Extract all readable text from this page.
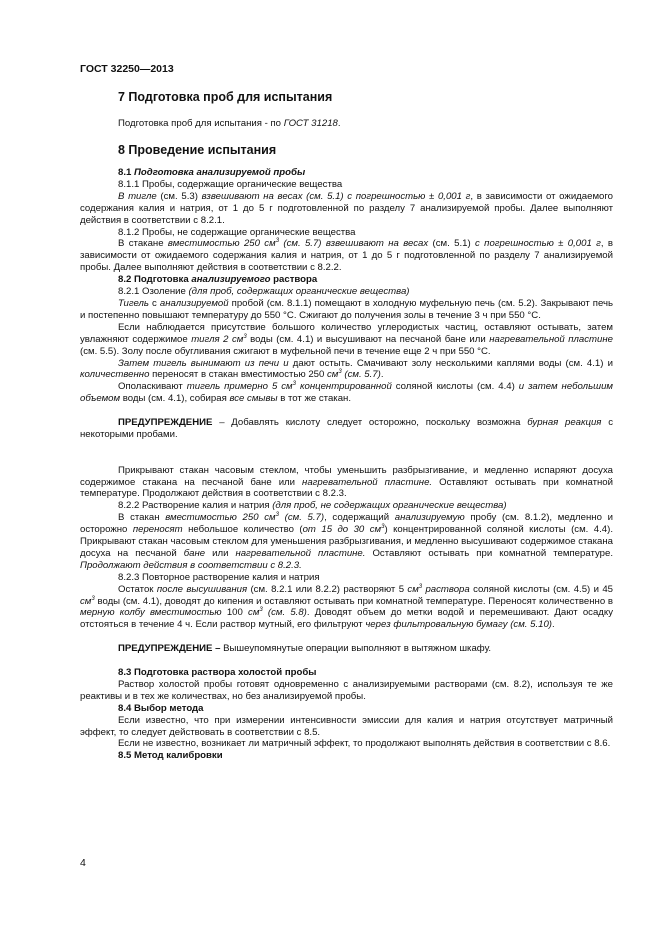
ГОСТ 32250—2013
7 Подготовка проб для испытания
Подготовка проб для испытания - по ГОСТ 31218.
8 Проведение испытания

8.1 Подготовка анализируемой пробы

8.1.1 Пробы, содержащие органические вещества

В тигле (см. 5.3) взвешивают на весах (см. 5.1) с погрешностью ± 0,001 г, в зависимости от ожидаемого содержания калия и натрия, от 1 до 5 г подготовленной по разделу 7 анализируемой пробы. Далее выполняют действия в соответствии с 8.2.1.

8.1.2 Пробы, не содержащие органические вещества

В стакане вместимостью 250 $см^3$ (см. 5.7) взвешивают на весах (см. 5.1) с погрешностью ± 0,001 г, в зависимости от ожидаемого содержания калия и натрия, от 1 до 5 г подготовленной по разделу 7 анализируемой пробы. Далее выполняют действия в соответствии с 8.2.2.

8.2 Подготовка анализируемого раствора

8.2.1 Озоление (для проб, содержащих органические вещества)

Тигель с анализируемой пробой (см. 8.1.1) помещают в холодную муфельную печь (см. 5.2). Закрывают печь и постепенно повышают температуру до 550 °С. Сжигают до получения золы в течение 3 ч при 550 °С.

Если наблюдается присутствие большого количество углеродистых частиц, оставляют остывать, затем увлажняют содержимое тигля 2 $см^3$ воды (см. 4.1) и высушивают на песчаной бане или нагревательной пластине (см. 5.5). Золу после обугливания сжигают в муфельной печи в течение еще 2 ч при 550 °С.

Затем тигель вынимают из печи и дают остыть. Смачивают золу несколькими каплями воды (см. 4.1) и количественно переносят в стакан вместимостью 250 $см^3$ (см. 5.7).

Ополаскивают тигель примерно 5 $см^3$ концентрированной соляной кислоты (см. 4.4) и затем небольшим объемом воды (см. 4.1), собирая все смывы в тот же стакан.

ПРЕДУПРЕЖДЕНИЕ – Добавлять кислоту следует осторожно, поскольку возможна бурная реакция с некоторыми пробами.

Прикрывают стакан часовым стеклом, чтобы уменьшить разбрызгивание, и медленно испаряют досуха содержимое стакана на песчаной бане или нагревательной пластине. Оставляют остывать при комнатной температуре. Продолжают действия в соответствии с 8.2.3.

8.2.2 Растворение калия и натрия (для проб, не содержащих органические вещества)

В стакан вместимостью 250 $см^3$ (см. 5.7), содержащий анализируемую пробу (см. 8.1.2), медленно и осторожно переносят небольшое количество (от 15 до 30 $см^3$) концентрированной соляной кислоты (см. 4.4). Прикрывают стакан часовым стеклом для уменьшения разбрызгивания, и медленно высушивают содержимое стакана досуха на песчаной бане или нагревательной пластине. Оставляют остывать при комнатной температуре. Продолжают действия в соответствии с 8.2.3.

8.2.3 Повторное растворение калия и натрия

Остаток после высушивания (см. 8.2.1 или 8.2.2) растворяют 5 $см^3$ раствора соляной кислоты (см. 4.5) и 45 $см^3$ воды (см. 4.1), доводят до кипения и оставляют остывать при комнатной температуре. Переносят количественно в мерную колбу вместимостью 100 $см^3$ (см. 5.8). Доводят объем до метки водой и перемешивают. Дают осадку отстояться в течение 4 ч. Если раствор мутный, его фильтруют через фильтровальную бумагу (см. 5.10).

ПРЕДУПРЕЖДЕНИЕ – Вышеупомянутые операции выполняют в вытяжном шкафу.

8.3 Подготовка раствора холостой пробы

Раствор холостой пробы готовят одновременно с анализируемыми растворами (см. 8.2), используя те же реактивы и в тех же количествах, но без анализируемой пробы.

8.4 Выбор метода

Если известно, что при измерении интенсивности эмиссии для калия и натрия отсутствует матричный эффект, то следует действовать в соответствии с 8.5.

Если не известно, возникает ли матричный эффект, то продолжают выполнять действия в соответствии с 8.6.

8.5 Метод калибровки

4
